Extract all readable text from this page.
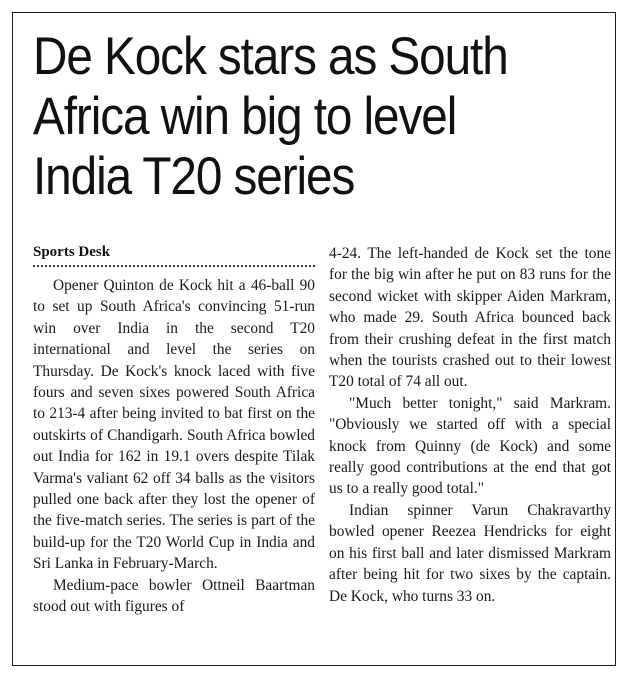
De Kock stars as South
Africa win big to level
India T20 series
Sports Desk

Opener Quinton de Kock hit a 46-ball 90 to set up South Africa's convincing 51-run win over India in the second T20 international and level the series on Thursday. De Kock's knock laced with five fours and seven sixes powered South Africa to 213-4 after being invited to bat first on the outskirts of Chandigarh. South Africa bowled out India for 162 in 19.1 overs despite Tilak Varma's valiant 62 off 34 balls as the visitors pulled one back after they lost the opener of the five-match series. The series is part of the build-up for the T20 World Cup in India and Sri Lanka in February-March.

Medium-pace bowler Ottneil Baartman stood out with figures of

4-24. The left-handed de Kock set the tone for the big win after he put on 83 runs for the second wicket with skipper Aiden Markram, who made 29. South Africa bounced back from their crushing defeat in the first match when the tourists crashed out to their lowest T20 total of 74 all out.

"Much better tonight," said Markram. "Obviously we started off with a special knock from Quinny (de Kock) and some really good contributions at the end that got us to a really good total."

Indian spinner Varun Chakravarthy bowled opener Reezea Hendricks for eight on his first ball and later dismissed Markram after being hit for two sixes by the captain. De Kock, who turns 33 on.
